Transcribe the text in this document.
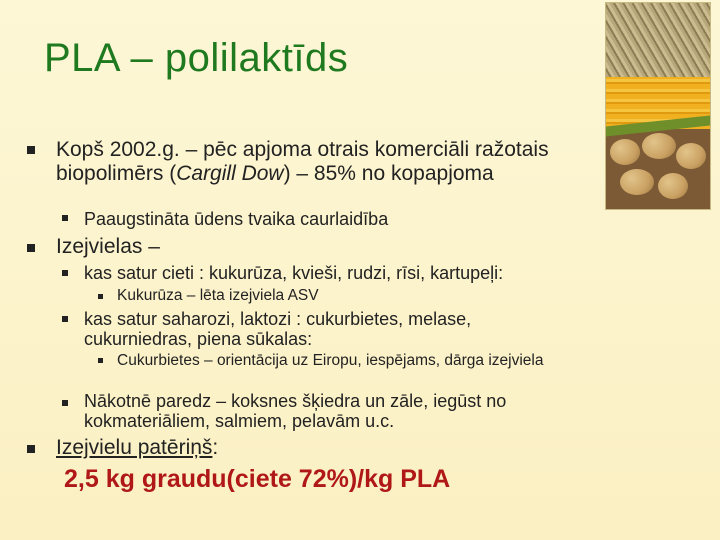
PLA – polilaktīds
Kopš 2002.g. – pēc apjoma otrais komerciāli ražotais biopolimērs (Cargill Dow) – 85% no kopapjoma
Paaugstināta ūdens tvaika caurlaidība
Izejvielas –
kas satur cieti : kukurūza, kvieši, rudzi, rīsi, kartupeļi:
Kukurūza – lēta izejviela ASV
kas satur saharozi, laktozi : cukurbietes, melase, cukurniedras, piena sūkalas:
Cukurbietes – orientācija uz Eiropu, iespējams, dārga izejviela
Nākotnē paredz – koksnes šķiedra un zāle, iegūst no kokmateriāliem, salmiem, pelavām u.c.
Izejvielu patēriņš:
2,5 kg graudu(ciete 72%)/kg PLA
